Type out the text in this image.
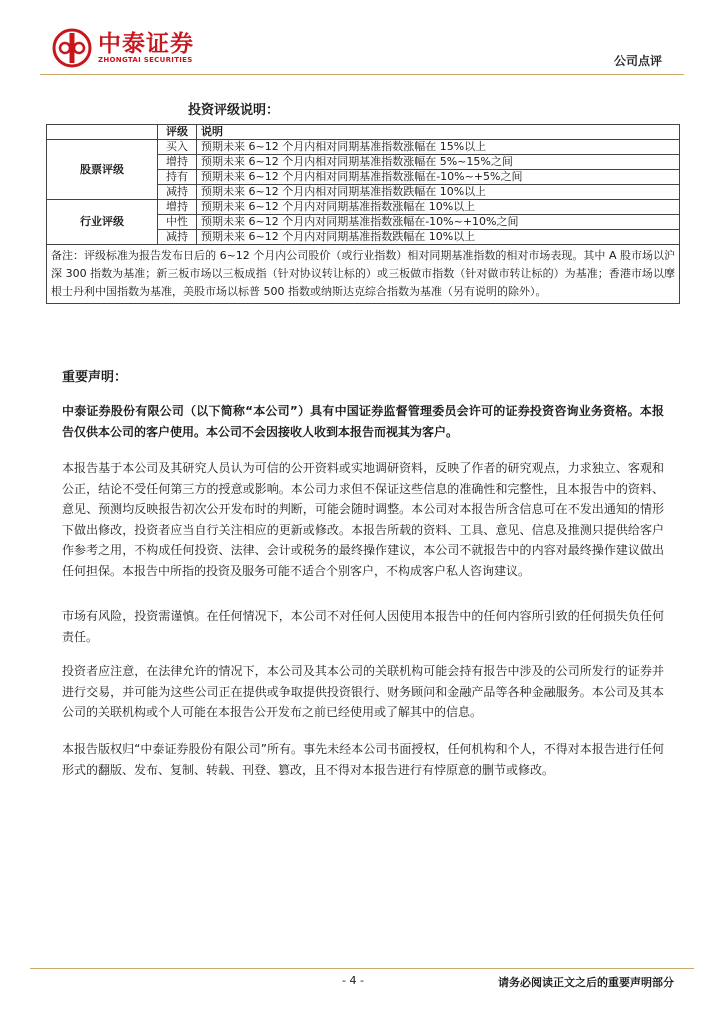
中泰证券
ZHONGTAI SECURITIES	公司点评
投资评级说明：
	评级	说明
股票评级	买入	预期未来 6~12 个月内相对同期基准指数涨幅在 15%以上
	增持	预期未来 6~12 个月内相对同期基准指数涨幅在 5%~15%之间
	持有	预期未来 6~12 个月内相对同期基准指数涨幅在-10%~+5%之间
	减持	预期未来 6~12 个月内相对同期基准指数跌幅在 10%以上
行业评级	增持	预期未来 6~12 个月内对同期基准指数涨幅在 10%以上
	中性	预期未来 6~12 个月内对同期基准指数涨幅在-10%~+10%之间
	减持	预期未来 6~12 个月内对同期基准指数跌幅在 10%以上
备注：评级标准为报告发布日后的 6~12 个月内公司股价（或行业指数）相对同期基准指数的相对市场表现。其中 A 股市场以沪深 300 指数为基准；新三板市场以三板成指（针对协议转让标的）或三板做市指数（针对做市转让标的）为基准；香港市场以摩根士丹利中国指数为基准，美股市场以标普 500 指数或纳斯达克综合指数为基准（另有说明的除外）。		
重要声明：
中泰证券股份有限公司（以下简称“本公司”）具有中国证券监督管理委员会许可的证券投资咨询业务资格。本报告仅供本公司的客户使用。本公司不会因接收人收到本报告而视其为客户。
本报告基于本公司及其研究人员认为可信的公开资料或实地调研资料，反映了作者的研究观点，力求独立、客观和公正，结论不受任何第三方的授意或影响。本公司力求但不保证这些信息的准确性和完整性，且本报告中的资料、意见、预测均反映报告初次公开发布时的判断，可能会随时调整。本公司对本报告所含信息可在不发出通知的情形下做出修改，投资者应当自行关注相应的更新或修改。本报告所载的资料、工具、意见、信息及推测只提供给客户作参考之用，不构成任何投资、法律、会计或税务的最终操作建议，本公司不就报告中的内容对最终操作建议做出任何担保。本报告中所指的投资及服务可能不适合个别客户，不构成客户私人咨询建议。
市场有风险，投资需谨慎。在任何情况下，本公司不对任何人因使用本报告中的任何内容所引致的任何损失负任何责任。
投资者应注意，在法律允许的情况下，本公司及其本公司的关联机构可能会持有报告中涉及的公司所发行的证券并进行交易，并可能为这些公司正在提供或争取提供投资银行、财务顾问和金融产品等各种金融服务。本公司及其本公司的关联机构或个人可能在本报告公开发布之前已经使用或了解其中的信息。
本报告版权归“中泰证券股份有限公司”所有。事先未经本公司书面授权，任何机构和个人，不得对本报告进行任何形式的翻版、发布、复制、转载、刊登、篡改，且不得对本报告进行有悖原意的删节或修改。
- 4 -	请务必阅读正文之后的重要声明部分
